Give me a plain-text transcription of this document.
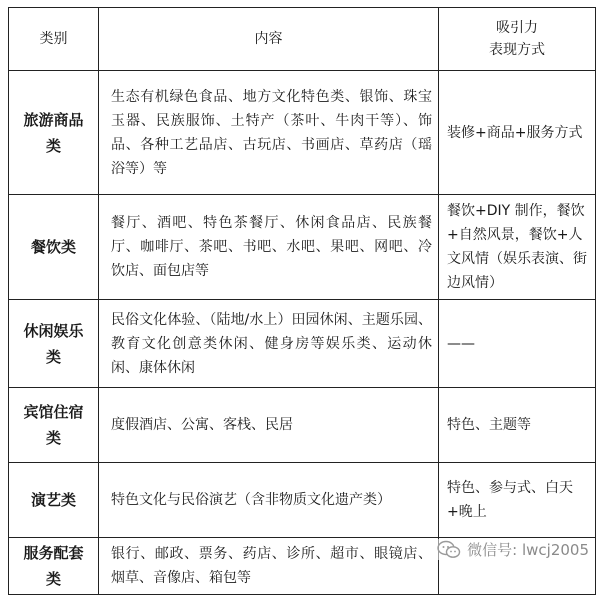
类别	内容	吸引力
表现方式
旅游商品类	生态有机绿色食品、地方文化特色类、银饰、珠宝玉器、民族服饰、土特产（茶叶、牛肉干等）、饰品、各种工艺品店、古玩店、书画店、草药店（瑶浴等）等	装修+商品+服务方式
餐饮类	餐厅、酒吧、特色茶餐厅、休闲食品店、民族餐厅、咖啡厅、茶吧、书吧、水吧、果吧、网吧、冷饮店、面包店等	餐饮+DIY 制作，餐饮+自然风景，餐饮+人文风情（娱乐表演、街边风情）
休闲娱乐类	民俗文化体验、（陆地/水上）田园休闲、主题乐园、教育文化创意类休闲、健身房等娱乐类、运动休闲、康体休闲	——
宾馆住宿类	度假酒店、公寓、客栈、民居	特色、主题等
演艺类	特色文化与民俗演艺（含非物质文化遗产类）	特色、参与式、白天+晚上
服务配套类	银行、邮政、票务、药店、诊所、超市、眼镜店、烟草、音像店、箱包等	
微信号: lwcj2005
